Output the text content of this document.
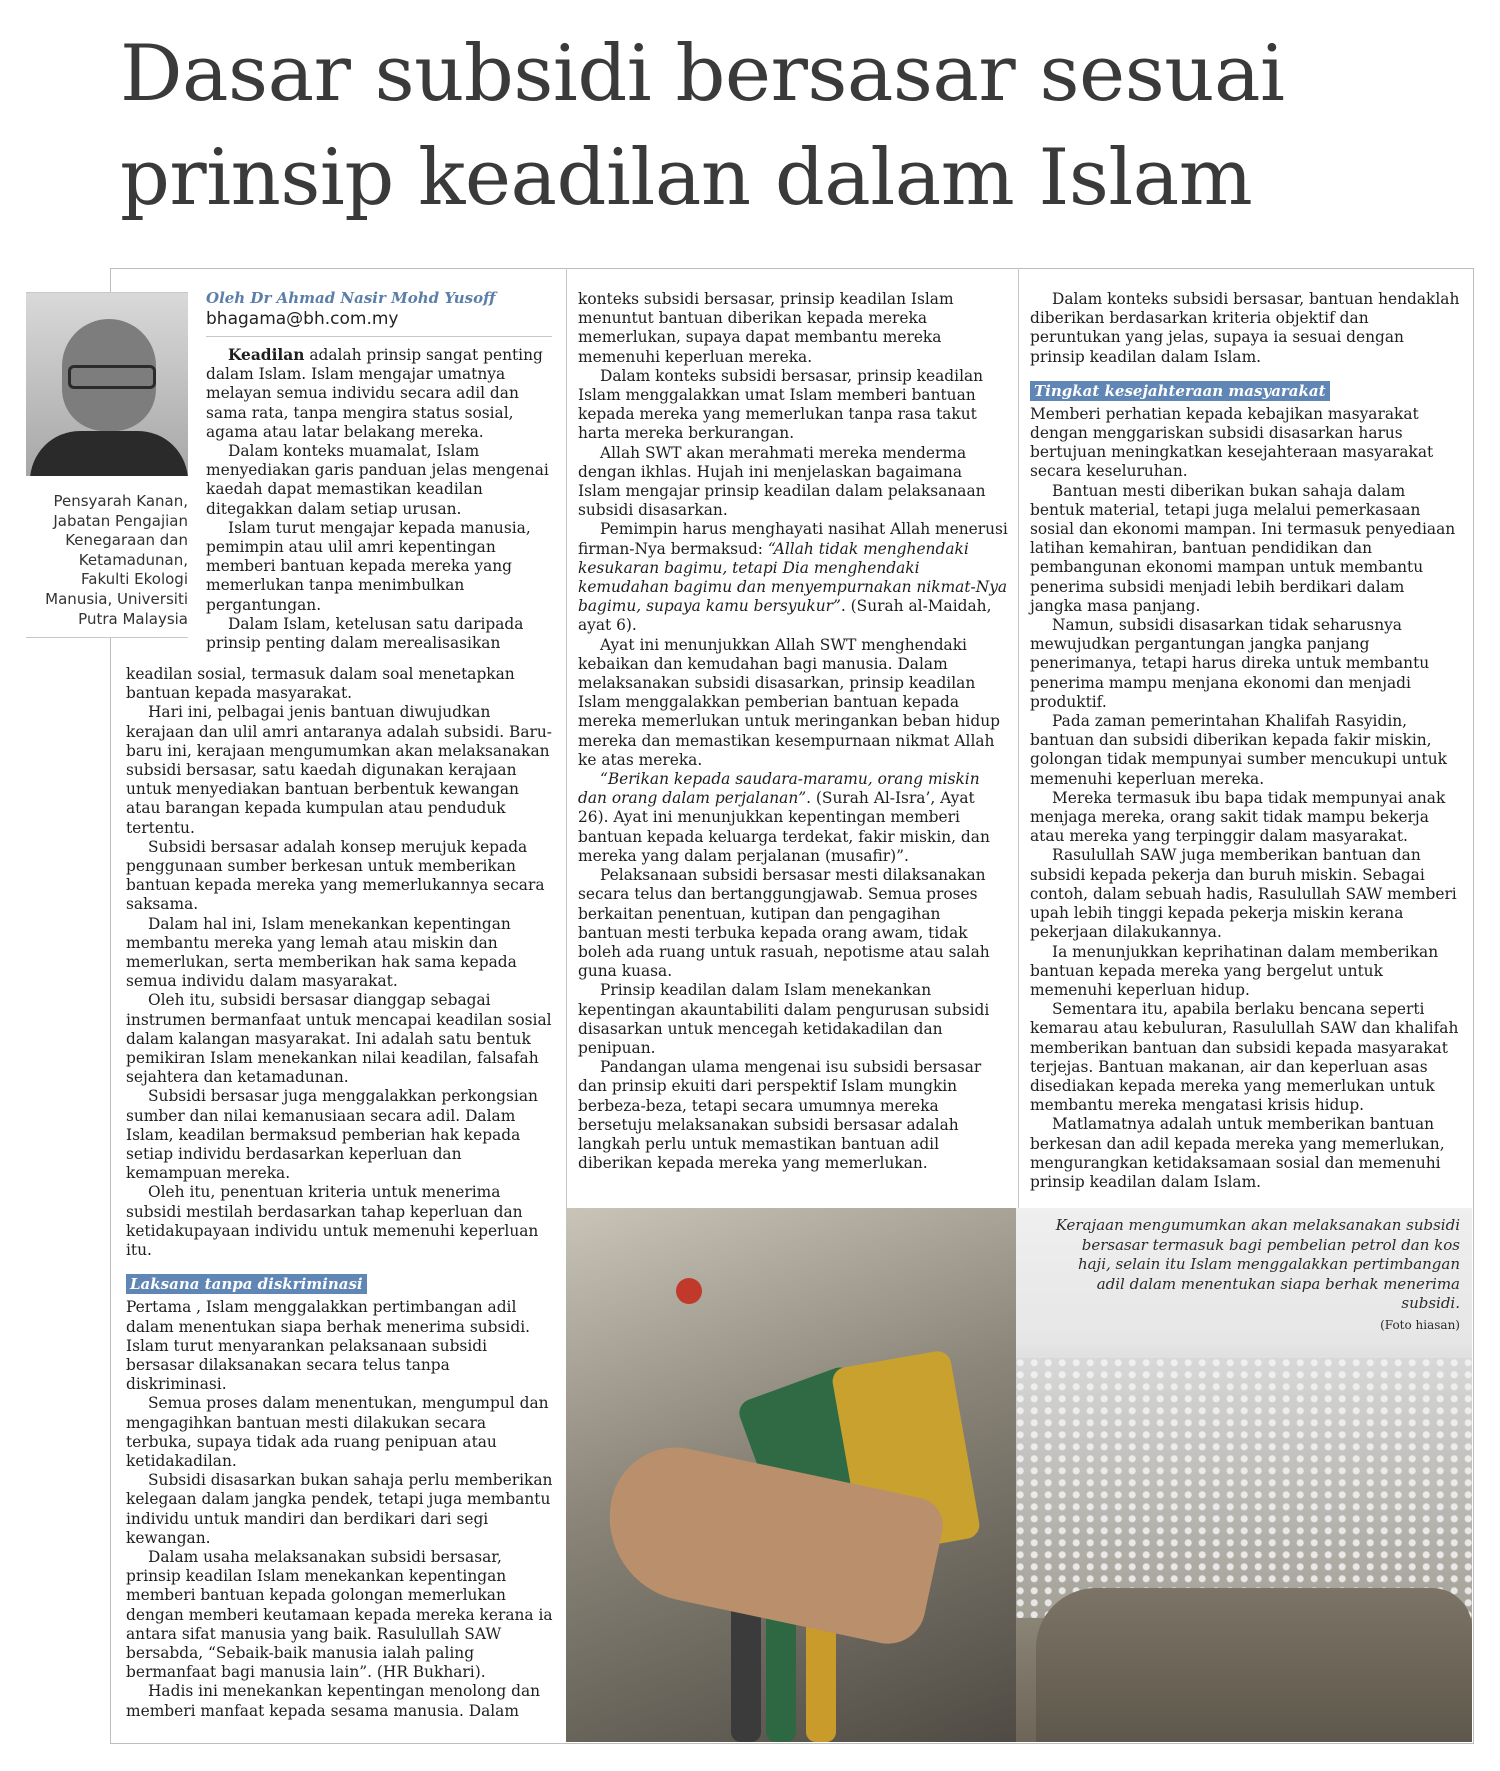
Dasar subsidi bersasar sesuai
prinsip keadilan dalam Islam
Pensyarah Kanan, Jabatan Pengajian Kenegaraan dan Ketamadunan, Fakulti Ekologi Manusia, Universiti Putra Malaysia
Oleh Dr Ahmad Nasir Mohd Yusoff
bhagama@bh.com.my

Keadilan adalah prinsip sangat penting dalam Islam. Islam mengajar umatnya melayan semua individu secara adil dan sama rata, tanpa mengira status sosial, agama atau latar belakang mereka.

Dalam konteks muamalat, Islam menyediakan garis panduan jelas mengenai kaedah dapat memastikan keadilan ditegakkan dalam setiap urusan.

Islam turut mengajar kepada manusia, pemimpin atau ulil amri kepentingan memberi bantuan kepada mereka yang memerlukan tanpa menimbulkan pergantungan.

Dalam Islam, ketelusan satu daripada prinsip penting dalam merealisasikan

keadilan sosial, termasuk dalam soal menetapkan bantuan kepada masyarakat.

Hari ini, pelbagai jenis bantuan diwujudkan kerajaan dan ulil amri antaranya adalah subsidi. Baru-baru ini, kerajaan mengumumkan akan melaksanakan subsidi bersasar, satu kaedah digunakan kerajaan untuk menyediakan bantuan berbentuk kewangan atau barangan kepada kumpulan atau penduduk tertentu.

Subsidi bersasar adalah konsep merujuk kepada penggunaan sumber berkesan untuk memberikan bantuan kepada mereka yang memerlukannya secara saksama.

Dalam hal ini, Islam menekankan kepentingan membantu mereka yang lemah atau miskin dan memerlukan, serta memberikan hak sama kepada semua individu dalam masyarakat.

Oleh itu, subsidi bersasar dianggap sebagai instrumen bermanfaat untuk mencapai keadilan sosial dalam kalangan masyarakat. Ini adalah satu bentuk pemikiran Islam menekankan nilai keadilan, falsafah sejahtera dan ketamadunan.

Subsidi bersasar juga menggalakkan perkongsian sumber dan nilai kemanusiaan secara adil. Dalam Islam, keadilan bermaksud pemberian hak kepada setiap individu berdasarkan keperluan dan kemampuan mereka.

Oleh itu, penentuan kriteria untuk menerima subsidi mestilah berdasarkan tahap keperluan dan ketidakupayaan individu untuk memenuhi keperluan itu.

Laksana tanpa diskriminasi

Pertama , Islam menggalakkan pertimbangan adil dalam menentukan siapa berhak menerima subsidi. Islam turut menyarankan pelaksanaan subsidi bersasar dilaksanakan secara telus tanpa diskriminasi.

Semua proses dalam menentukan, mengumpul dan mengagihkan bantuan mesti dilakukan secara terbuka, supaya tidak ada ruang penipuan atau ketidakadilan.

Subsidi disasarkan bukan sahaja perlu memberikan kelegaan dalam jangka pendek, tetapi juga membantu individu untuk mandiri dan berdikari dari segi kewangan.

Dalam usaha melaksanakan subsidi bersasar, prinsip keadilan Islam menekankan kepentingan memberi bantuan kepada golongan memerlukan dengan memberi keutamaan kepada mereka kerana ia antara sifat manusia yang baik. Rasulullah SAW bersabda, “Sebaik-baik manusia ialah paling bermanfaat bagi manusia lain”. (HR Bukhari).

Hadis ini menekankan kepentingan menolong dan memberi manfaat kepada sesama manusia. Dalam

konteks subsidi bersasar, prinsip keadilan Islam menuntut bantuan diberikan kepada mereka memerlukan, supaya dapat membantu mereka memenuhi keperluan mereka.

Dalam konteks subsidi bersasar, prinsip keadilan Islam menggalakkan umat Islam memberi bantuan kepada mereka yang memerlukan tanpa rasa takut harta mereka berkurangan.

Allah SWT akan merahmati mereka menderma dengan ikhlas. Hujah ini menjelaskan bagaimana Islam mengajar prinsip keadilan dalam pelaksanaan subsidi disasarkan.

Pemimpin harus menghayati nasihat Allah menerusi firman-Nya bermaksud: “Allah tidak menghendaki kesukaran bagimu, tetapi Dia menghendaki kemudahan bagimu dan menyempurnakan nikmat-Nya bagimu, supaya kamu bersyukur”. (Surah al-Maidah, ayat 6).

Ayat ini menunjukkan Allah SWT menghendaki kebaikan dan kemudahan bagi manusia. Dalam melaksanakan subsidi disasarkan, prinsip keadilan Islam menggalakkan pemberian bantuan kepada mereka memerlukan untuk meringankan beban hidup mereka dan memastikan kesempurnaan nikmat Allah ke atas mereka.

“Berikan kepada saudara-maramu, orang miskin dan orang dalam perjalanan”. (Surah Al-Isra’, Ayat 26). Ayat ini menunjukkan kepentingan memberi bantuan kepada keluarga terdekat, fakir miskin, dan mereka yang dalam perjalanan (musafir)”.

Pelaksanaan subsidi bersasar mesti dilaksanakan secara telus dan bertanggungjawab. Semua proses berkaitan penentuan, kutipan dan pengagihan bantuan mesti terbuka kepada orang awam, tidak boleh ada ruang untuk rasuah, nepotisme atau salah guna kuasa.

Prinsip keadilan dalam Islam menekankan kepentingan akauntabiliti dalam pengurusan subsidi disasarkan untuk mencegah ketidakadilan dan penipuan.

Pandangan ulama mengenai isu subsidi bersasar dan prinsip ekuiti dari perspektif Islam mungkin berbeza-beza, tetapi secara umumnya mereka bersetuju melaksanakan subsidi bersasar adalah langkah perlu untuk memastikan bantuan adil diberikan kepada mereka yang memerlukan.

Dalam konteks subsidi bersasar, bantuan hendaklah diberikan berdasarkan kriteria objektif dan peruntukan yang jelas, supaya ia sesuai dengan prinsip keadilan dalam Islam.

Tingkat kesejahteraan masyarakat

Memberi perhatian kepada kebajikan masyarakat dengan menggariskan subsidi disasarkan harus bertujuan meningkatkan kesejahteraan masyarakat secara keseluruhan.

Bantuan mesti diberikan bukan sahaja dalam bentuk material, tetapi juga melalui pemerkasaan sosial dan ekonomi mampan. Ini termasuk penyediaan latihan kemahiran, bantuan pendidikan dan pembangunan ekonomi mampan untuk membantu penerima subsidi menjadi lebih berdikari dalam jangka masa panjang.

Namun, subsidi disasarkan tidak seharusnya mewujudkan pergantungan jangka panjang penerimanya, tetapi harus direka untuk membantu penerima mampu menjana ekonomi dan menjadi produktif.

Pada zaman pemerintahan Khalifah Rasyidin, bantuan dan subsidi diberikan kepada fakir miskin, golongan tidak mempunyai sumber mencukupi untuk memenuhi keperluan mereka.

Mereka termasuk ibu bapa tidak mempunyai anak menjaga mereka, orang sakit tidak mampu bekerja atau mereka yang terpinggir dalam masyarakat.

Rasulullah SAW juga memberikan bantuan dan subsidi kepada pekerja dan buruh miskin. Sebagai contoh, dalam sebuah hadis, Rasulullah SAW memberi upah lebih tinggi kepada pekerja miskin kerana pekerjaan dilakukannya.

Ia menunjukkan keprihatinan dalam memberikan bantuan kepada mereka yang bergelut untuk memenuhi keperluan hidup.

Sementara itu, apabila berlaku bencana seperti kemarau atau kebuluran, Rasulullah SAW dan khalifah memberikan bantuan dan subsidi kepada masyarakat terjejas. Bantuan makanan, air dan keperluan asas disediakan kepada mereka yang memerlukan untuk membantu mereka mengatasi krisis hidup.

Matlamatnya adalah untuk memberikan bantuan berkesan dan adil kepada mereka yang memerlukan, mengurangkan ketidaksamaan sosial dan memenuhi prinsip keadilan dalam Islam.

Kerajaan mengumumkan akan melaksanakan subsidi bersasar termasuk bagi pembelian petrol dan kos haji, selain itu Islam menggalakkan pertimbangan adil dalam menentukan siapa berhak menerima subsidi.
(Foto hiasan)
